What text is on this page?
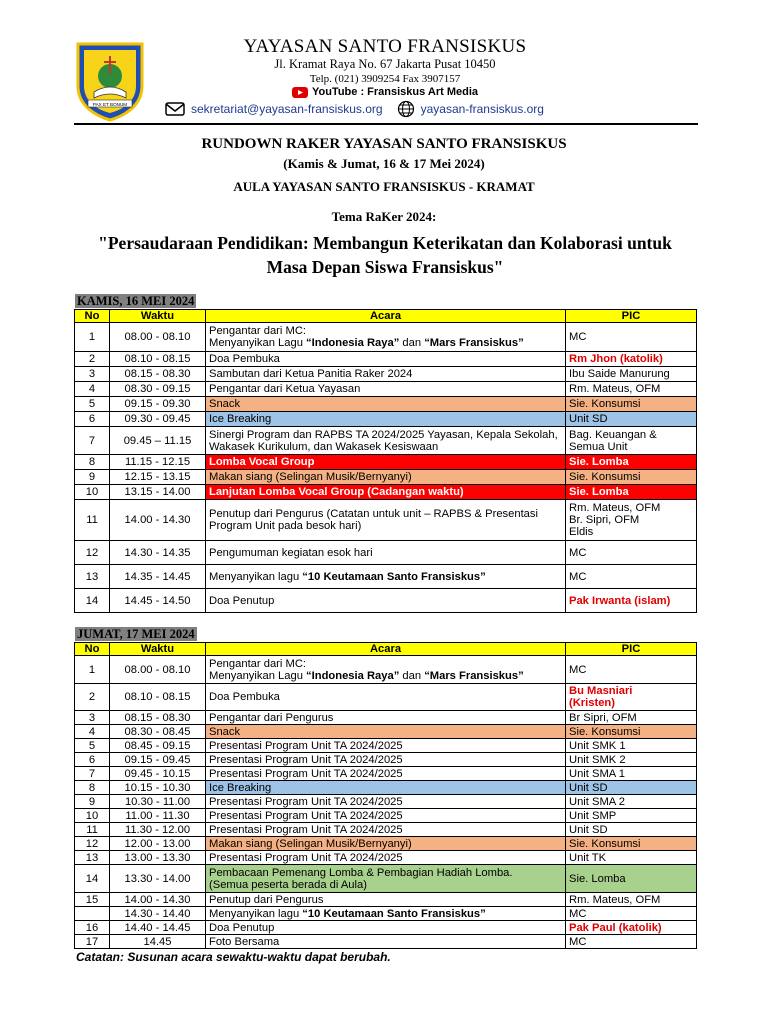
PAX ET BONUM
YAYASAN SANTO FRANSISKUS
Jl. Kramat Raya No. 67 Jakarta Pusat 10450
Telp. (021) 3909254 Fax 3907157
YouTube : Fransiskus Art Media
sekretariat@yayasan-fransiskus.org	yayasan-fransiskus.org
RUNDOWN RAKER YAYASAN SANTO FRANSISKUS
(Kamis & Jumat, 16 & 17 Mei 2024)
AULA YAYASAN SANTO FRANSISKUS - KRAMAT
Tema RaKer 2024:
"Persaudaraan Pendidikan: Membangun Keterikatan dan Kolaborasi untuk
Masa Depan Siswa Fransiskus"
KAMIS, 16 MEI 2024
No	Waktu	Acara	PIC
1	08.00 - 08.10	Pengantar dari MC:
Menyanyikan Lagu “Indonesia Raya” dan “Mars Fransiskus”	MC
2	08.10 - 08.15	Doa Pembuka	Rm Jhon (katolik)
3	08.15 - 08.30	Sambutan dari Ketua Panitia Raker 2024	Ibu Saide Manurung
4	08.30 - 09.15	Pengantar dari Ketua Yayasan	Rm. Mateus, OFM
5	09.15 - 09.30	Snack	Sie. Konsumsi
6	09.30 - 09.45	Ice Breaking	Unit SD
7	09.45 – 11.15	Sinergi Program dan RAPBS TA 2024/2025 Yayasan, Kepala Sekolah, Wakasek Kurikulum, dan Wakasek Kesiswaan	Bag. Keuangan &
Semua Unit

8	11.15 - 12.15	Lomba Vocal Group	Sie. Lomba
9	12.15 - 13.15	Makan siang (Selingan Musik/Bernyanyi)	Sie. Konsumsi
10	13.15 - 14.00	Lanjutan Lomba Vocal Group (Cadangan waktu)	Sie. Lomba
11	14.00 - 14.30	Penutup dari Pengurus (Catatan untuk unit – RAPBS & Presentasi Program Unit pada besok hari)	Rm. Mateus, OFM
Br. Sipri, OFM
Eldis

12	14.30 - 14.35	Pengumuman kegiatan esok hari	MC
13	14.35 - 14.45	Menyanyikan lagu “10 Keutamaan Santo Fransiskus”	MC
14	14.45 - 14.50	Doa Penutup	Pak Irwanta (islam)
JUMAT, 17 MEI 2024
No	Waktu	Acara	PIC
1	08.00 - 08.10	Pengantar dari MC:
Menyanyikan Lagu “Indonesia Raya” dan “Mars Fransiskus”	MC
2	08.10 - 08.15	Doa Pembuka	Bu Masniari
(Kristen)

3	08.15 - 08.30	Pengantar dari Pengurus	Br Sipri, OFM
4	08.30 - 08.45	Snack	Sie. Konsumsi
5	08.45 - 09.15	Presentasi Program Unit TA 2024/2025	Unit SMK 1
6	09.15 - 09.45	Presentasi Program Unit TA 2024/2025	Unit SMK 2
7	09.45 - 10.15	Presentasi Program Unit TA 2024/2025	Unit SMA 1
8	10.15 - 10.30	Ice Breaking	Unit SD
9	10.30 - 11.00	Presentasi Program Unit TA 2024/2025	Unit SMA 2
10	11.00 - 11.30	Presentasi Program Unit TA 2024/2025	Unit SMP
11	11.30 - 12.00	Presentasi Program Unit TA 2024/2025	Unit SD
12	12.00 - 13.00	Makan siang (Selingan Musik/Bernyanyi)	Sie. Konsumsi
13	13.00 - 13.30	Presentasi Program Unit TA 2024/2025	Unit TK
14	13.30 - 14.00	Pembacaan Pemenang Lomba & Pembagian Hadiah Lomba.
(Semua peserta berada di Aula)	Sie. Lomba
15	14.00 - 14.30	Penutup dari Pengurus	Rm. Mateus, OFM
	14.30 - 14.40	Menyanyikan lagu “10 Keutamaan Santo Fransiskus”	MC
16	14.40 - 14.45	Doa Penutup	Pak Paul (katolik)
17	14.45	Foto Bersama	MC
Catatan: Susunan acara sewaktu-waktu dapat berubah.
